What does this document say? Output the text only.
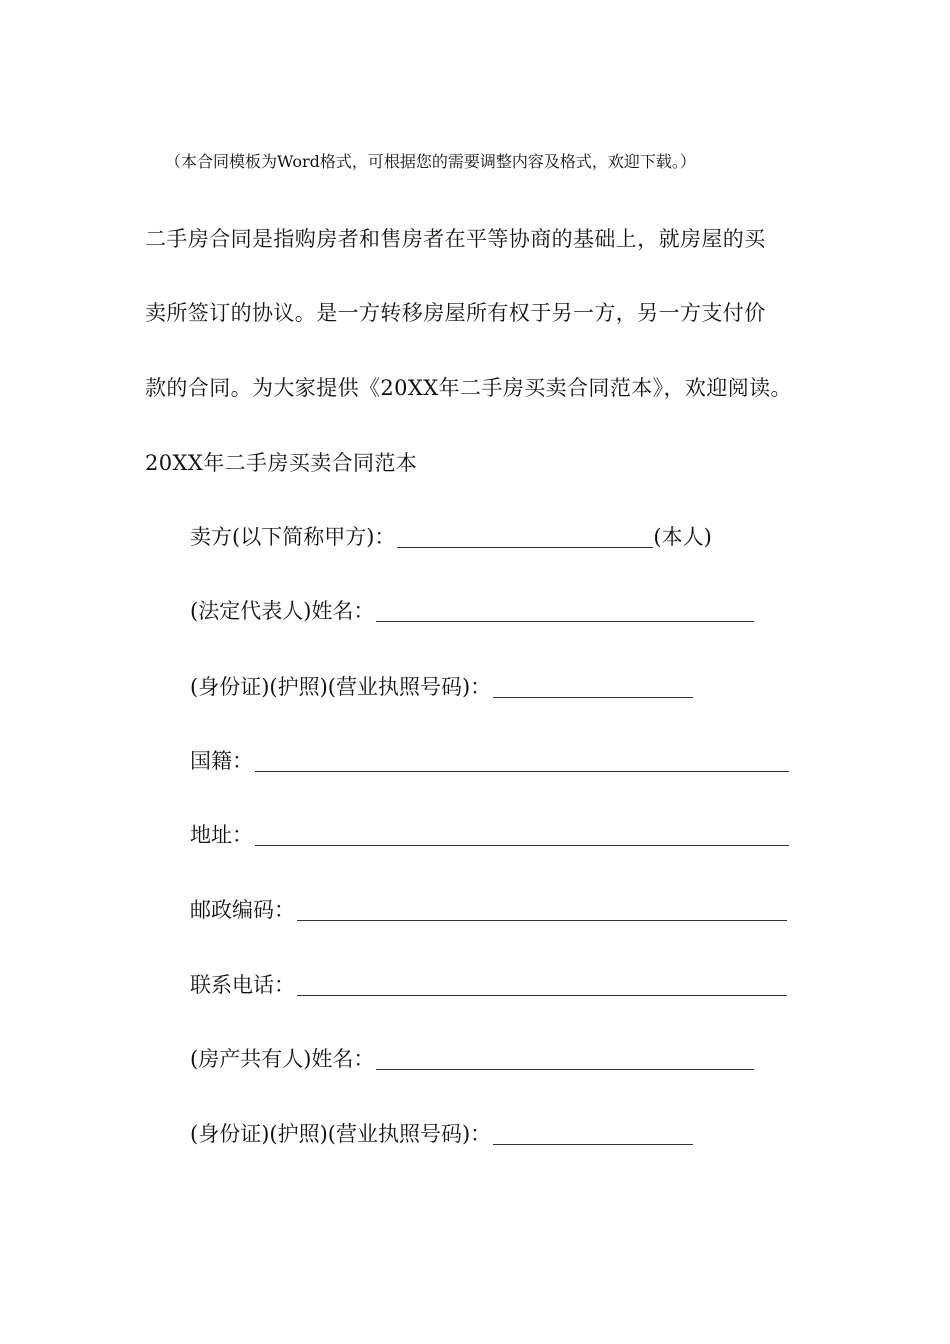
（本合同模板为Word格式，可根据您的需要调整内容及格式，欢迎下载。）
二手房合同是指购房者和售房者在平等协商的基础上，就房屋的买
卖所签订的协议。是一方转移房屋所有权于另一方，另一方支付价
款的合同。为大家提供《20XX年二手房买卖合同范本》，欢迎阅读。
20XX年二手房买卖合同范本
卖方(以下简称甲方)：	(本人)
(法定代表人)姓名：
(身份证)(护照)(营业执照号码)：
国籍：
地址：
邮政编码：
联系电话：
(房产共有人)姓名：
(身份证)(护照)(营业执照号码)：
